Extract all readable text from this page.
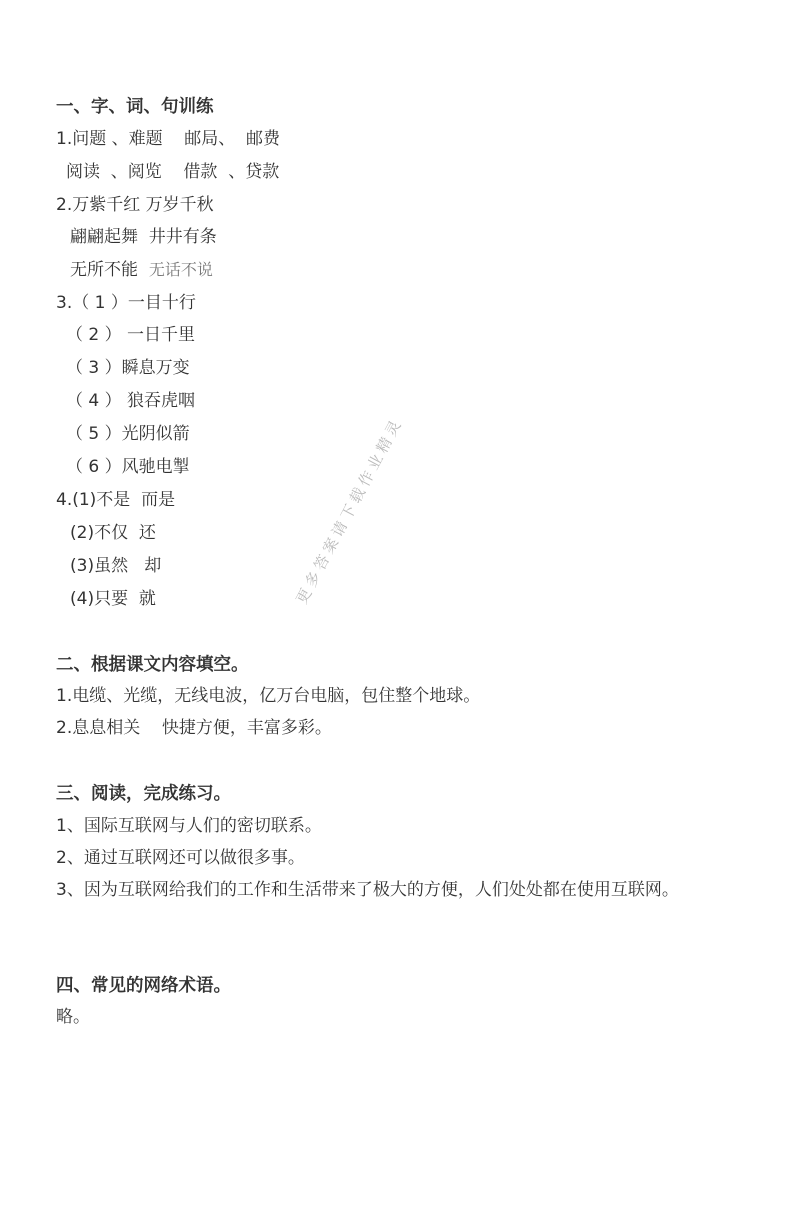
一、字、词、句训练
1.问题 、难题    邮局、  邮费
阅读  、阅览    借款  、贷款
2.万紫千红 万岁千秋
翩翩起舞  井井有条
无所不能  无话不说
3.（ 1 ）一目十行
（ 2 ） 一日千里
（ 3 ）瞬息万变
（ 4 ） 狼吞虎咽
（ 5 ）光阴似箭
（ 6 ）风驰电掣
4.(1)不是  而是
(2)不仅  还
(3)虽然   却
(4)只要  就
二、根据课文内容填空。
1.电缆、光缆，无线电波，亿万台电脑，包住整个地球。
2.息息相关    快捷方便，丰富多彩。
三、阅读，完成练习。
1、国际互联网与人们的密切联系。
2、通过互联网还可以做很多事。
3、因为互联网给我们的工作和生活带来了极大的方便，人们处处都在使用互联网。
四、常见的网络术语。
略。
更多答案请下载作业精灵
